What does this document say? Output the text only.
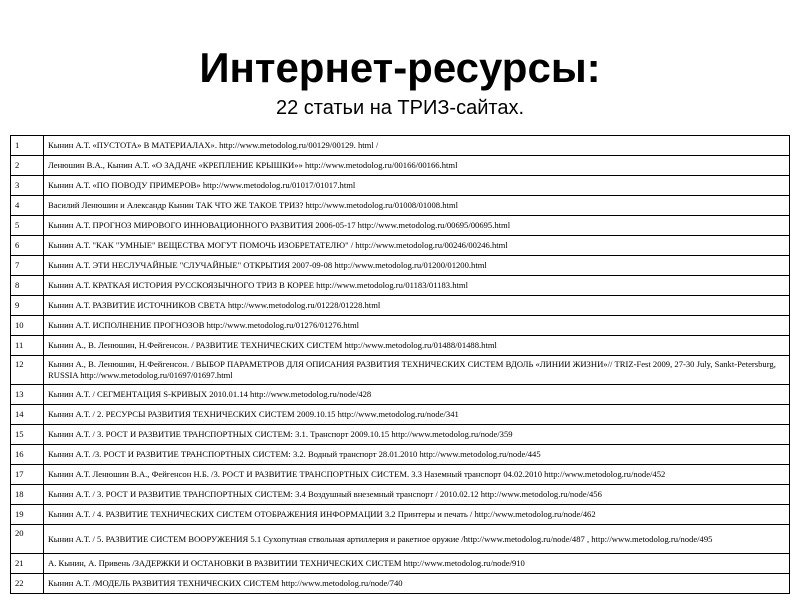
Интернет-ресурсы:
22 статьи на ТРИЗ-сайтах.
1	Кынин А.Т. «ПУСТОТА» В МАТЕРИАЛАХ». http://www.metodolog.ru/00129/00129. html /
2	Ленюшин В.А., Кынин А.Т. «О ЗАДАЧЕ «КРЕПЛЕНИЕ КРЫШКИ»» http://www.metodolog.ru/00166/00166.html
3	Кынин А.Т. «ПО ПОВОДУ ПРИМЕРОВ» http://www.metodolog.ru/01017/01017.html
4	Василий Ленюшин и Александр Кынин ТАК ЧТО ЖЕ ТАКОЕ ТРИЗ? http://www.metodolog.ru/01008/01008.html
5	Кынин А.Т. ПРОГНОЗ МИРОВОГО ИННОВАЦИОННОГО РАЗВИТИЯ 2006-05-17 http://www.metodolog.ru/00695/00695.html
6	Кынин А.Т. "КАК "УМНЫЕ" ВЕЩЕСТВА МОГУТ ПОМОЧЬ ИЗОБРЕТАТЕЛЮ" / http://www.metodolog.ru/00246/00246.html
7	Кынин А.Т. ЭТИ НЕСЛУЧАЙНЫЕ "СЛУЧАЙНЫЕ" ОТКРЫТИЯ 2007-09-08 http://www.metodolog.ru/01200/01200.html
8	Кынин А.Т. КРАТКАЯ ИСТОРИЯ РУССКОЯЗЫЧНОГО ТРИЗ В КОРЕЕ http://www.metodolog.ru/01183/01183.html
9	Кынин А.Т. РАЗВИТИЕ ИСТОЧНИКОВ СВЕТА http://www.metodolog.ru/01228/01228.html
10	Кынин А.Т. ИСПОЛНЕНИЕ ПРОГНОЗОВ http://www.metodolog.ru/01276/01276.html
11	Кынин А., В. Ленюшин, Н.Фейгенсон. / РАЗВИТИЕ ТЕХНИЧЕСКИХ СИСТЕМ http://www.metodolog.ru/01488/01488.html
12	Кынин А., В. Ленюшин, Н.Фейгенсон. / ВЫБОР ПАРАМЕТРОВ ДЛЯ ОПИСАНИЯ РАЗВИТИЯ ТЕХНИЧЕСКИХ СИСТЕМ ВДОЛЬ «ЛИНИИ ЖИЗНИ»// TRIZ-Fest 2009, 27-30 July, Sankt-Petersburg, RUSSIA http://www.metodolog.ru/01697/01697.html
13	Кынин А.Т. / СЕГМЕНТАЦИЯ S-КРИВЫХ 2010.01.14 http://www.metodolog.ru/node/428
14	Кынин А.Т. / 2. РЕСУРСЫ РАЗВИТИЯ ТЕХНИЧЕСКИХ СИСТЕМ 2009.10.15 http://www.metodolog.ru/node/341
15	Кынин А.Т. / 3. РОСТ И РАЗВИТИЕ ТРАНСПОРТНЫХ СИСТЕМ: 3.1. Транспорт 2009.10.15 http://www.metodolog.ru/node/359
16	Кынин А.Т. /3. РОСТ И РАЗВИТИЕ ТРАНСПОРТНЫХ СИСТЕМ: 3.2. Водный транспорт 28.01.2010 http://www.metodolog.ru/node/445
17	Кынин А.Т. Ленюшин В.А., Фейгенсон Н.Б. /3. РОСТ И РАЗВИТИЕ ТРАНСПОРТНЫХ СИСТЕМ. 3.3 Наземный транспорт 04.02.2010 http://www.metodolog.ru/node/452
18	Кынин А.Т. / 3. РОСТ И РАЗВИТИЕ ТРАНСПОРТНЫХ СИСТЕМ: 3.4 Воздушный внеземный транспорт / 2010.02.12 http://www.metodolog.ru/node/456
19	Кынин А.Т. / 4. РАЗВИТИЕ ТЕХНИЧЕСКИХ СИСТЕМ ОТОБРАЖЕНИЯ ИНФОРМАЦИИ 3.2 Принтеры и печать / http://www.metodolog.ru/node/462
20	Кынин А.Т. / 5. РАЗВИТИЕ СИСТЕМ ВООРУЖЕНИЯ 5.1 Сухопутная ствольная артиллерия и ракетное оружие /http://www.metodolog.ru/node/487 , http://www.metodolog.ru/node/495
21	А. Кынин, А. Привень /ЗАДЕРЖКИ И ОСТАНОВКИ В РАЗВИТИИ ТЕХНИЧЕСКИХ СИСТЕМ http://www.metodolog.ru/node/910
22	Кынин А.Т. /МОДЕЛЬ РАЗВИТИЯ ТЕХНИЧЕСКИХ СИСТЕМ http://www.metodolog.ru/node/740
